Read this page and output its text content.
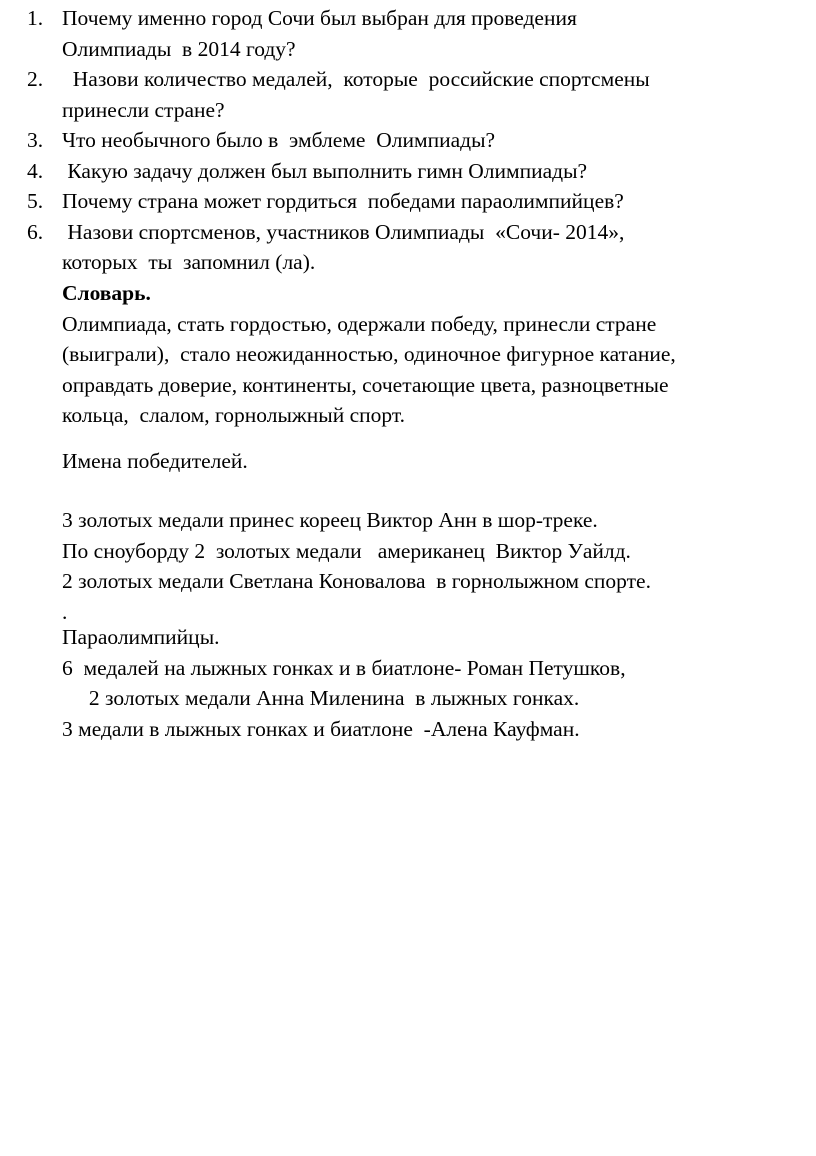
1. Почему именно город Сочи был выбран для проведения
Олимпиады  в 2014 году?
2. Назови количество медалей,  которые  российские спортсмены
принесли стране?
3. Что необычного было в  эмблеме  Олимпиады?
4. Какую задачу должен был выполнить гимн Олимпиады?
5. Почему страна может гордиться  победами параолимпийцев?
6. Назови спортсменов, участников Олимпиады  «Сочи- 2014»,
которых  ты  запомнил (ла).
Словарь.
Олимпиада, стать гордостью, одержали победу, принесли стране
(выиграли),  стало неожиданностью, одиночное фигурное катание,
оправдать доверие, континенты, сочетающие цвета, разноцветные
кольца,  слалом, горнолыжный спорт.
Имена победителей.
3 золотых медали принес кореец Виктор Анн в шор-треке.
По сноуборду 2  золотых медали   американец  Виктор Уайлд.
2 золотых медали Светлана Коновалова  в горнолыжном спорте.
.
Параолимпийцы.
6  медалей на лыжных гонках и в биатлоне- Роман Петушков,
2 золотых медали Анна Миленина  в лыжных гонках.
3 медали в лыжных гонках и биатлоне  -Алена Кауфман.
